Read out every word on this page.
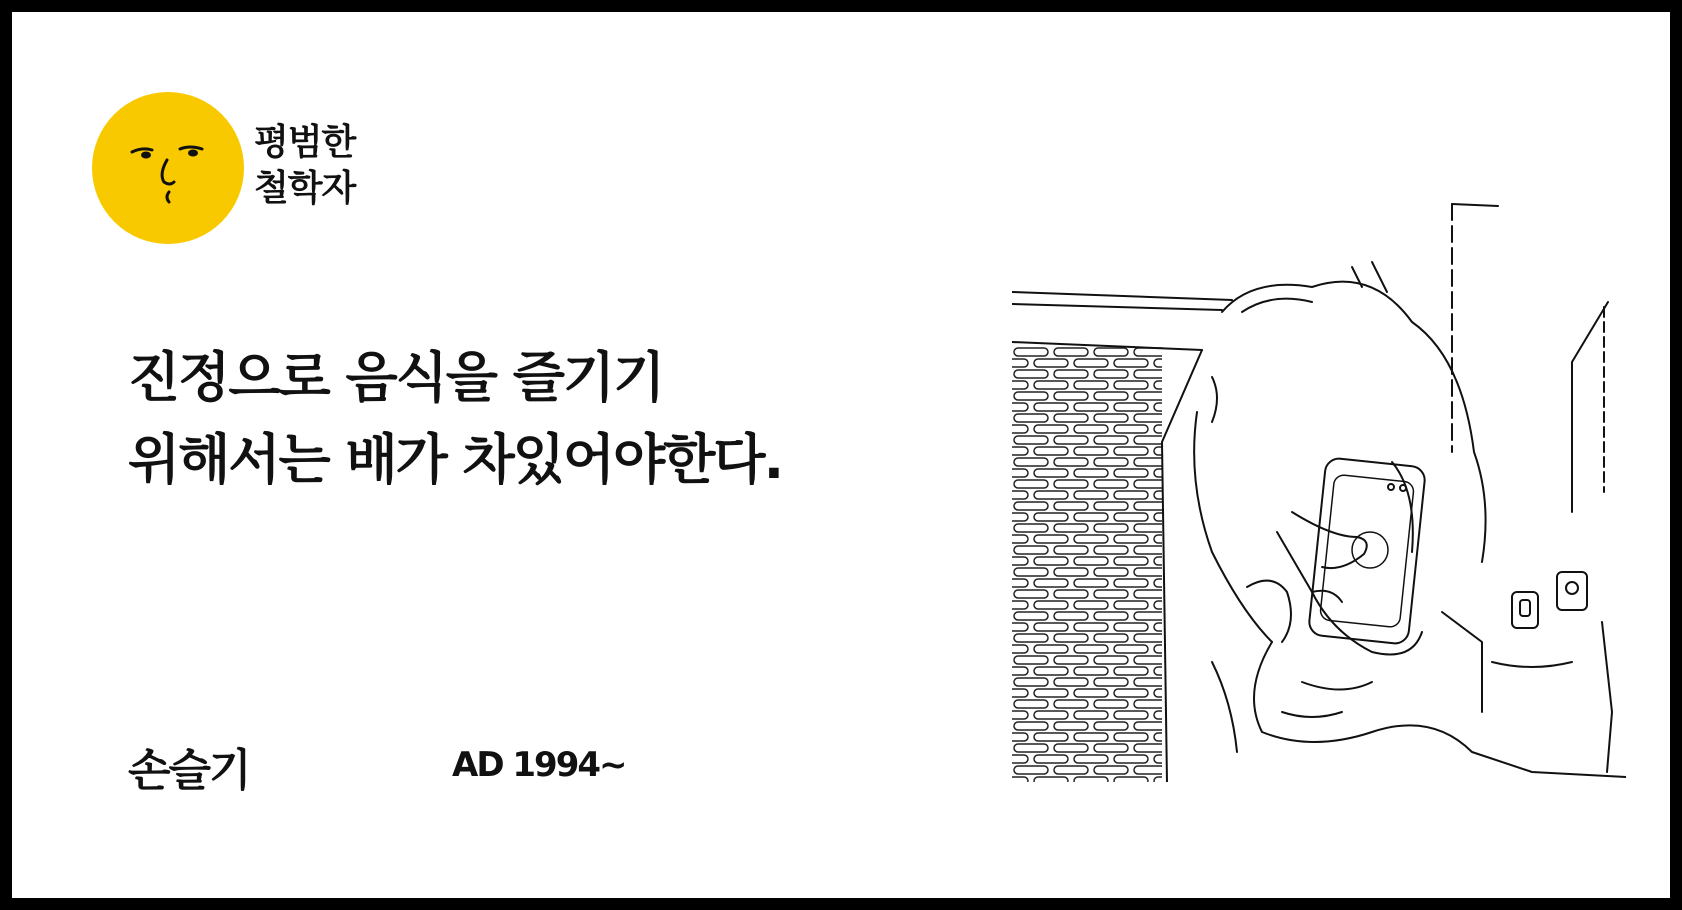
평범한
철학자
진정으로 음식을 즐기기
위해서는 배가 차있어야한다.
손슬기	AD 1994~
